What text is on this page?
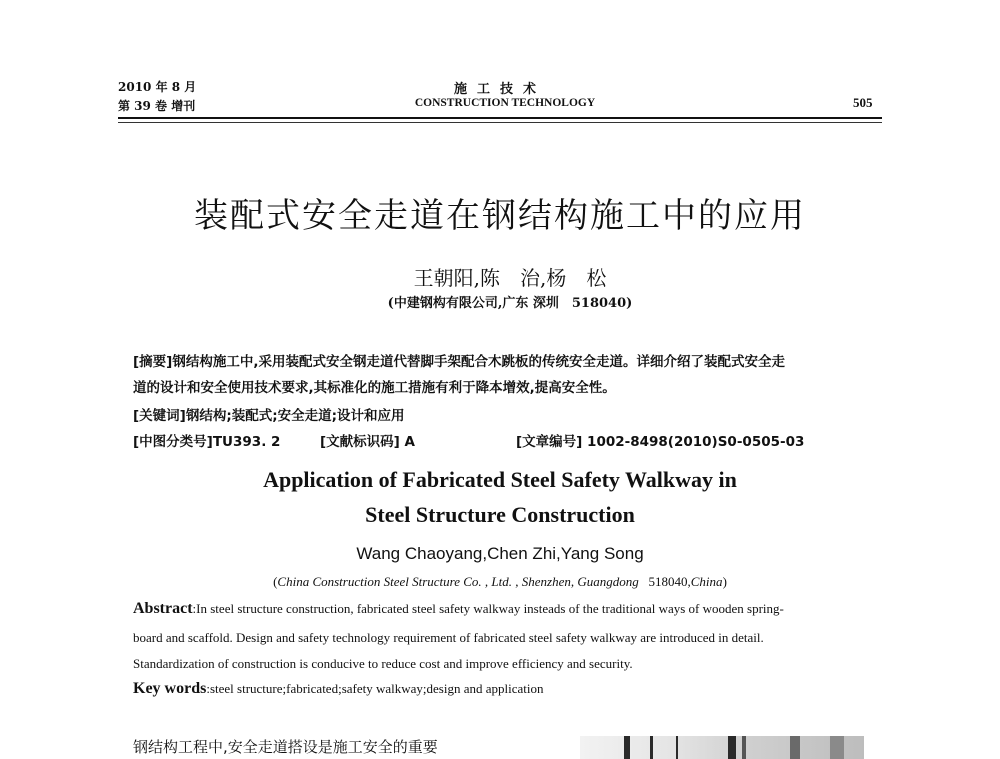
2010 年 8 月
第 39 卷 增刊
施工技术
CONSTRUCTION TECHNOLOGY	505
装配式安全走道在钢结构施工中的应用
王朝阳,陈　治,杨　松
(中建钢构有限公司,广东 深圳　518040)
[摘要]钢结构施工中,采用装配式安全钢走道代替脚手架配合木跳板的传统安全走道。详细介绍了装配式安全走
道的设计和安全使用技术要求,其标准化的施工措施有利于降本增效,提高安全性。
[关键词]钢结构;装配式;安全走道;设计和应用
[中图分类号]TU393. 2	[文献标识码] A	[文章编号] 1002-8498(2010)S0-0505-03
Application of Fabricated Steel Safety Walkway in
Steel Structure Construction
Wang Chaoyang,Chen Zhi,Yang Song
(China Construction Steel Structure Co. , Ltd. , Shenzhen, Guangdong 518040,China)
Abstract:In steel structure construction, fabricated steel safety walkway insteads of the traditional ways of wooden spring-
board and scaffold. Design and safety technology requirement of fabricated steel safety walkway are introduced in detail.
Standardization of construction is conducive to reduce cost and improve efficiency and security.
Key words:steel structure;fabricated;safety walkway;design and application
钢结构工程中,安全走道搭设是施工安全的重要
